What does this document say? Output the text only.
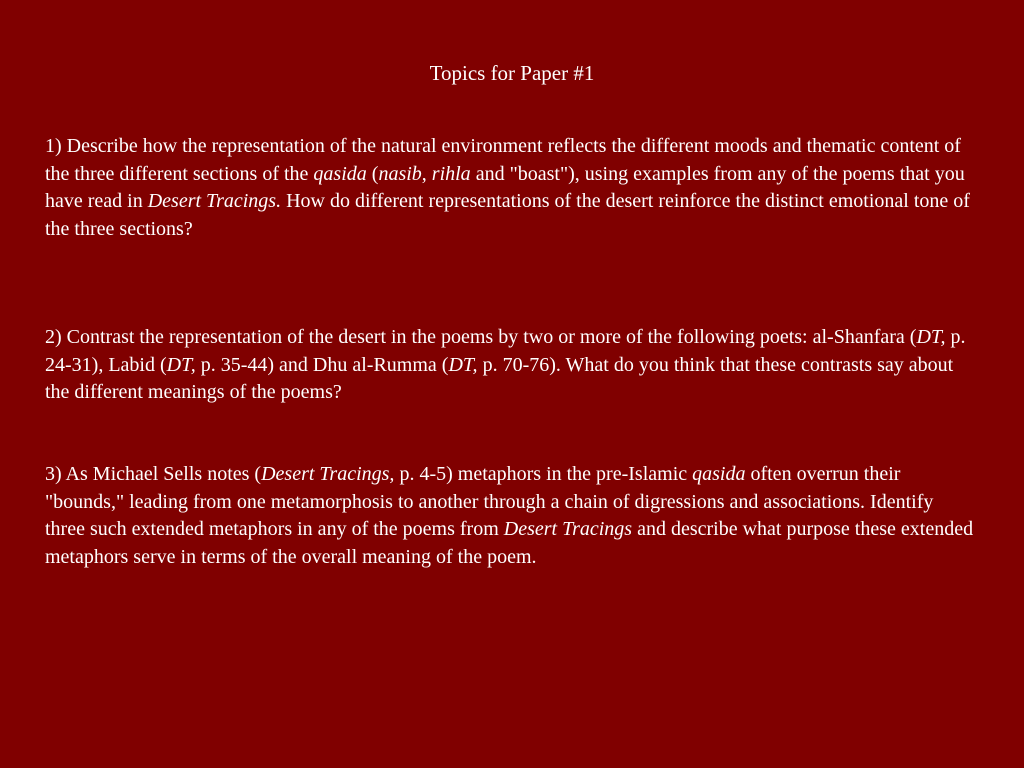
Topics for Paper #1

1) Describe how the representation of the natural environment reflects the different moods and thematic content of the three different sections of the qasida (nasib, rihla and "boast"), using examples from any of the poems that you have read in Desert Tracings. How do different representations of the desert reinforce the distinct emotional tone of the three sections?

2) Contrast the representation of the desert in the poems by two or more of the following poets: al-Shanfara (DT, p. 24-31), Labid (DT, p. 35-44) and Dhu al-Rumma (DT, p. 70-76). What do you think that these contrasts say about the different meanings of the poems?

3) As Michael Sells notes (Desert Tracings, p. 4-5) metaphors in the pre-Islamic qasida often overrun their "bounds," leading from one metamorphosis to another through a chain of digressions and associations. Identify three such extended metaphors in any of the poems from Desert Tracings and describe what purpose these extended metaphors serve in terms of the overall meaning of the poem.
